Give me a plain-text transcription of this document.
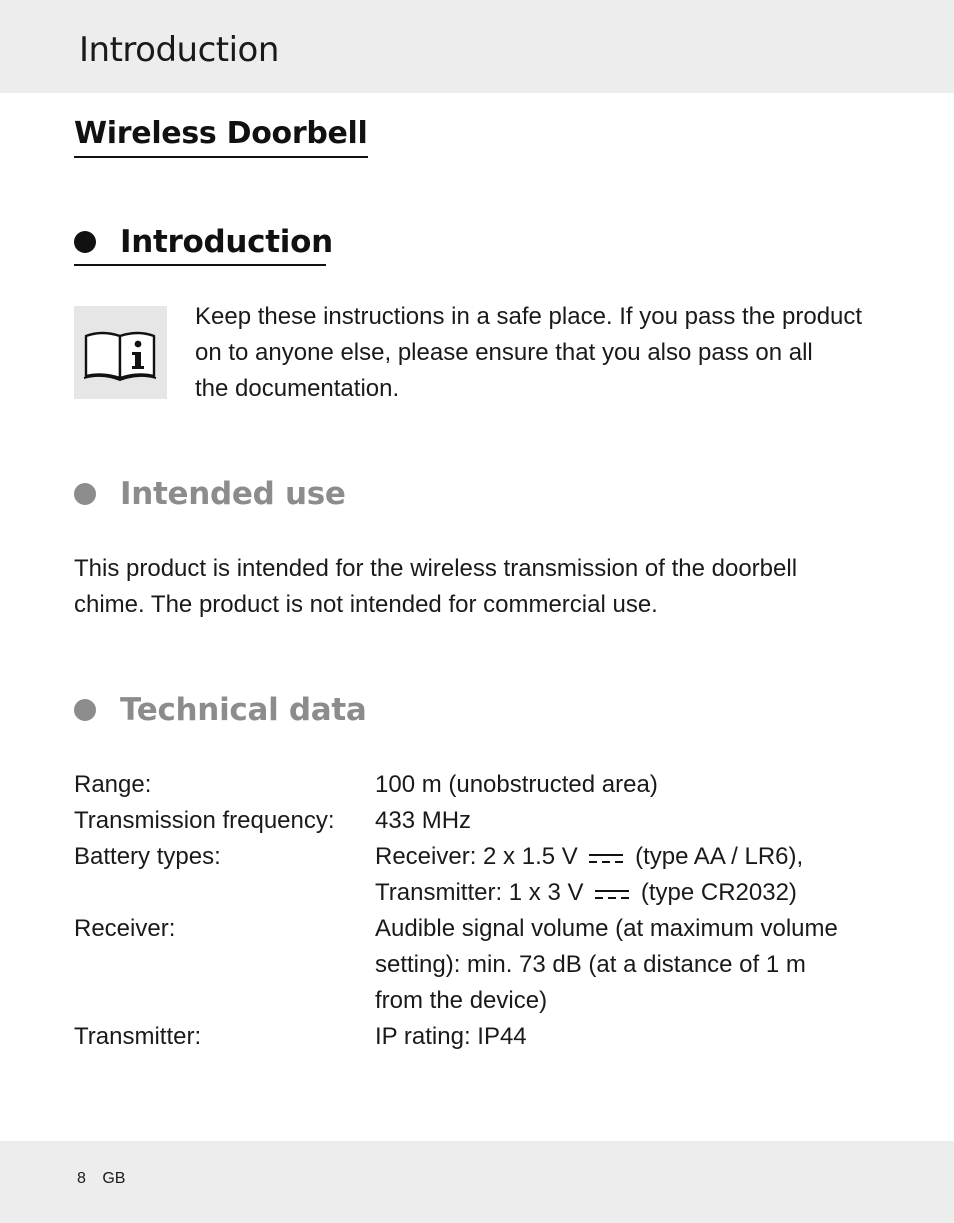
Introduction
Wireless Doorbell
Introduction
Keep these instructions in a safe place. If you pass the product
on to anyone else, please ensure that you also pass on all
the documentation.
Intended use
This product is intended for the wireless transmission of the doorbell
chime. The product is not intended for commercial use.
Technical data
Range:	100 m (unobstructed area)
Transmission frequency: 433 MHz
Battery types:	Receiver: 2 x 1.5 V (type AA / LR6),
Transmitter: 1 x 3 V (type CR2032)
Receiver:	Audible signal volume (at maximum volume
setting): min. 73 dB (at a distance of 1 m
from the device)
Transmitter:	IP rating: IP44
8 GB
